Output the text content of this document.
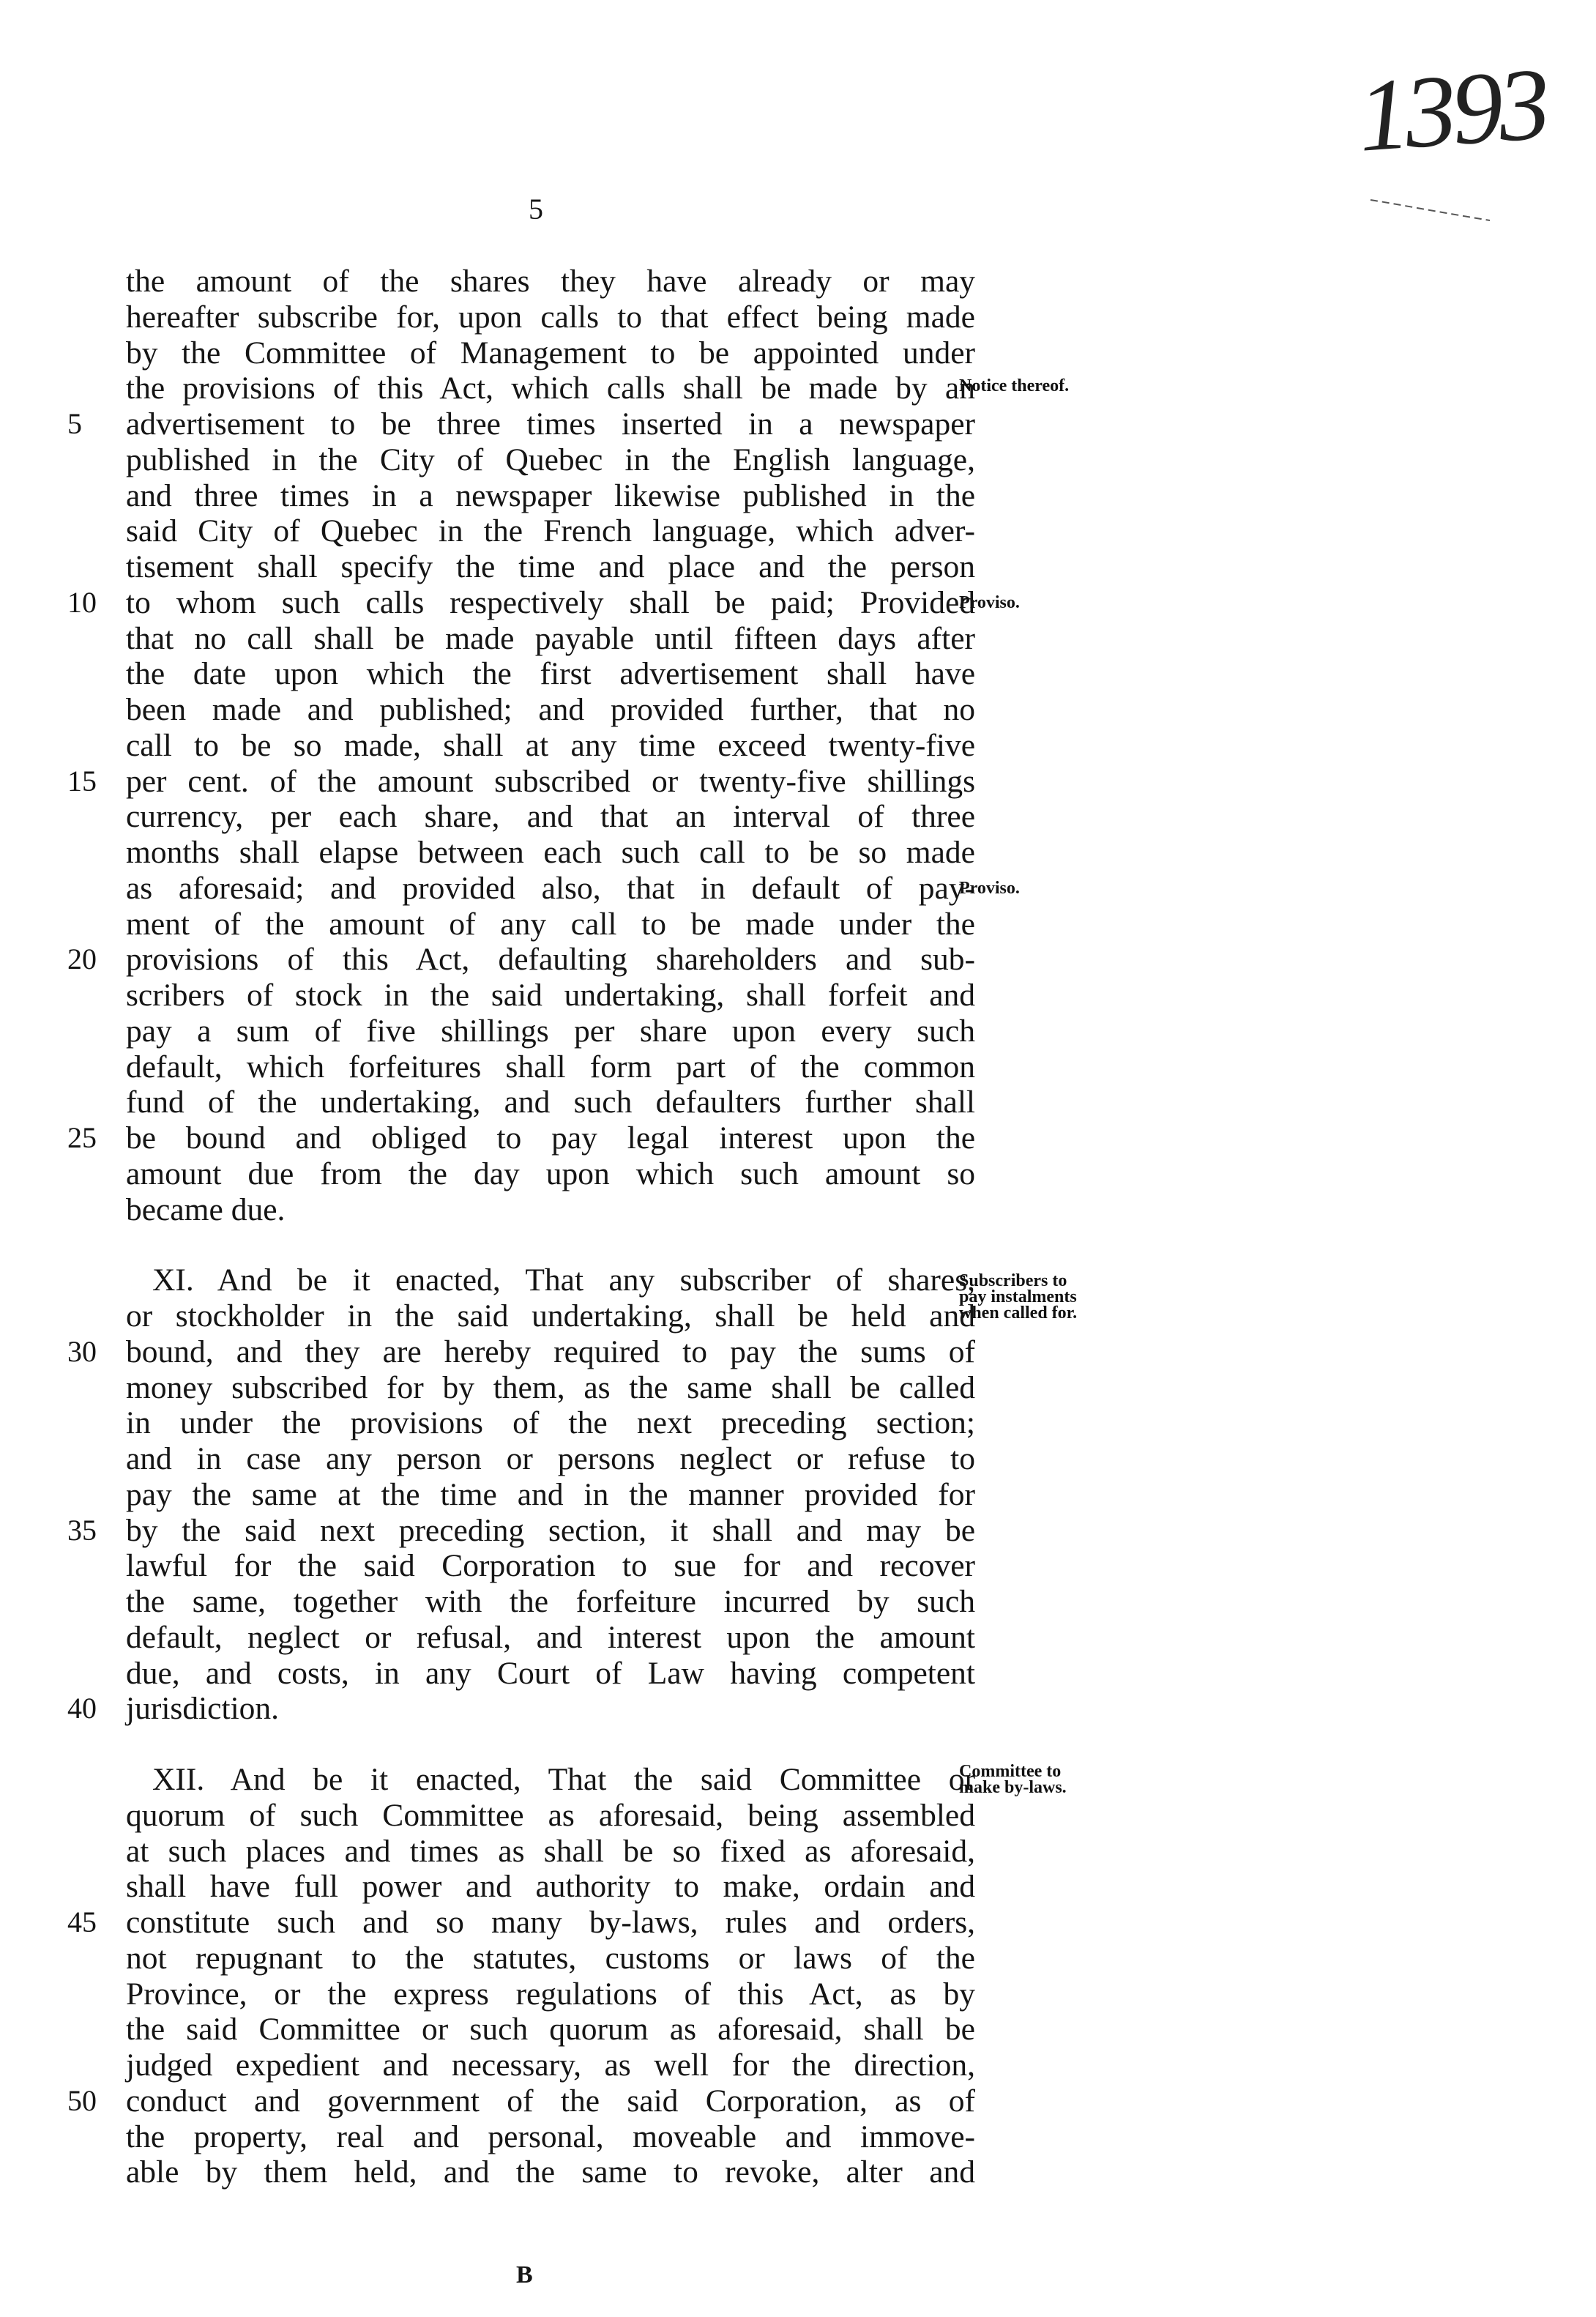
1393
5
the amount of the shares they have already or may
hereafter subscribe for, upon calls to that effect being made
by the Committee of Management to be appointed under
the provisions of this Act, which calls shall be made by an
5	advertisement to be three times inserted in a newspaper
published in the City of Quebec in the English language,
and three times in a newspaper likewise published in the
said City of Quebec in the French language, which adver-
tisement shall specify the time and place and the person
10 to whom such calls respectively shall be paid; Provided
that no call shall be made payable until fifteen days after
the date upon which the first advertisement shall have
been made and published; and provided further, that no
call to be so made, shall at any time exceed twenty-five
15 per cent. of the amount subscribed or twenty-five shillings
currency, per each share, and that an interval of three
months shall elapse between each such call to be so made
as aforesaid; and provided also, that in default of pay-
ment of the amount of any call to be made under the
20 provisions of this Act, defaulting shareholders and sub-
scribers of stock in the said undertaking, shall forfeit and
pay a sum of five shillings per share upon every such
default, which forfeitures shall form part of the common
fund of the undertaking, and such defaulters further shall
25 be bound and obliged to pay legal interest upon the
amount due from the day upon which such amount so
became due.
XI. And be it enacted, That any subscriber of shares,
or stockholder in the said undertaking, shall be held and
30 bound, and they are hereby required to pay the sums of
money subscribed for by them, as the same shall be called
in under the provisions of the next preceding section;
and in case any person or persons neglect or refuse to
pay the same at the time and in the manner provided for
35 by the said next preceding section, it shall and may be
lawful for the said Corporation to sue for and recover
the same, together with the forfeiture incurred by such
default, neglect or refusal, and interest upon the amount
due, and costs, in any Court of Law having competent
40 jurisdiction.
XII. And be it enacted, That the said Committee or
quorum of such Committee as aforesaid, being assembled
at such places and times as shall be so fixed as aforesaid,
shall have full power and authority to make, ordain and
45 constitute such and so many by-laws, rules and orders,
not repugnant to the statutes, customs or laws of the
Province, or the express regulations of this Act, as by
the said Committee or such quorum as aforesaid, shall be
judged expedient and necessary, as well for the direction,
50 conduct and government of the said Corporation, as of
the property, real and personal, moveable and immove-
able by them held, and the same to revoke, alter and
Notice thereof.
Proviso.
Proviso.
Subscribers to pay instalments when called for.
Committee to make by-laws.
B
